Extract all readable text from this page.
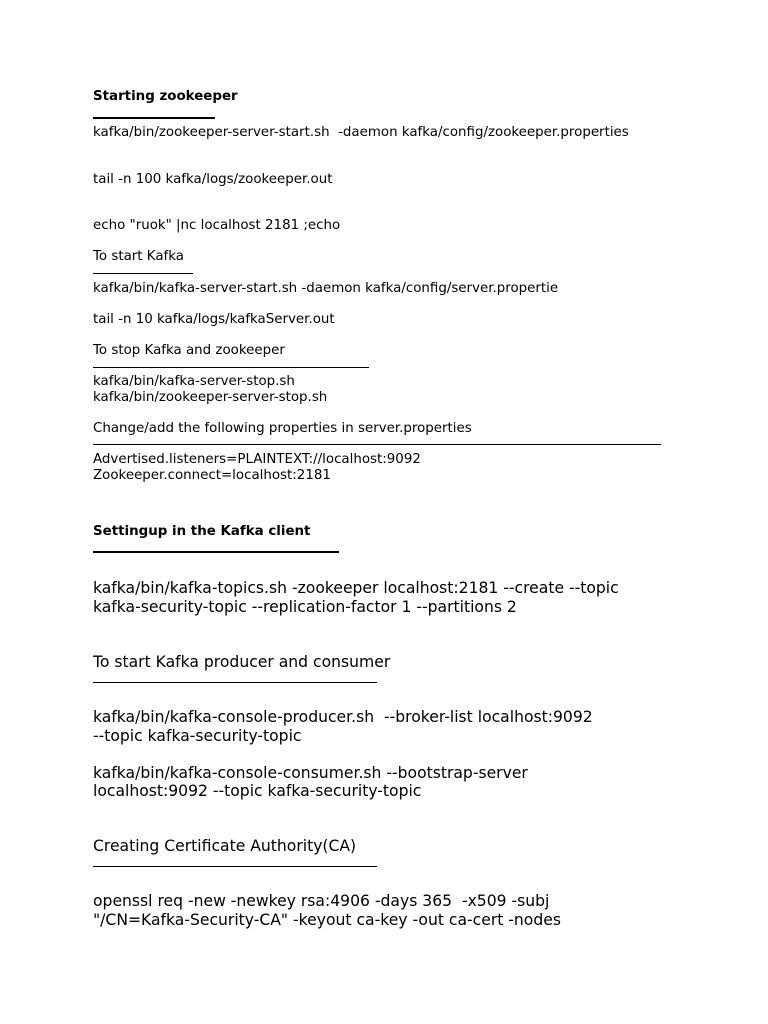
Starting zookeeper
kafka/bin/zookeeper-server-start.sh  -daemon kafka/config/zookeeper.properties
tail -n 100 kafka/logs/zookeeper.out
echo "ruok" |nc localhost 2181 ;echo
To start Kafka
kafka/bin/kafka-server-start.sh -daemon kafka/config/server.propertie
tail -n 10 kafka/logs/kafkaServer.out
To stop Kafka and zookeeper
kafka/bin/kafka-server-stop.sh
kafka/bin/zookeeper-server-stop.sh
Change/add the following properties in server.properties
Advertised.listeners=PLAINTEXT://localhost:9092
Zookeeper.connect=localhost:2181
Settingup in the Kafka client
kafka/bin/kafka-topics.sh -zookeeper localhost:2181 --create --topic
kafka-security-topic --replication-factor 1 --partitions 2
To start Kafka producer and consumer
kafka/bin/kafka-console-producer.sh  --broker-list localhost:9092
--topic kafka-security-topic
kafka/bin/kafka-console-consumer.sh --bootstrap-server
localhost:9092 --topic kafka-security-topic
Creating Certificate Authority(CA)
openssl req -new -newkey rsa:4906 -days 365  -x509 -subj
"/CN=Kafka-Security-CA" -keyout ca-key -out ca-cert -nodes
